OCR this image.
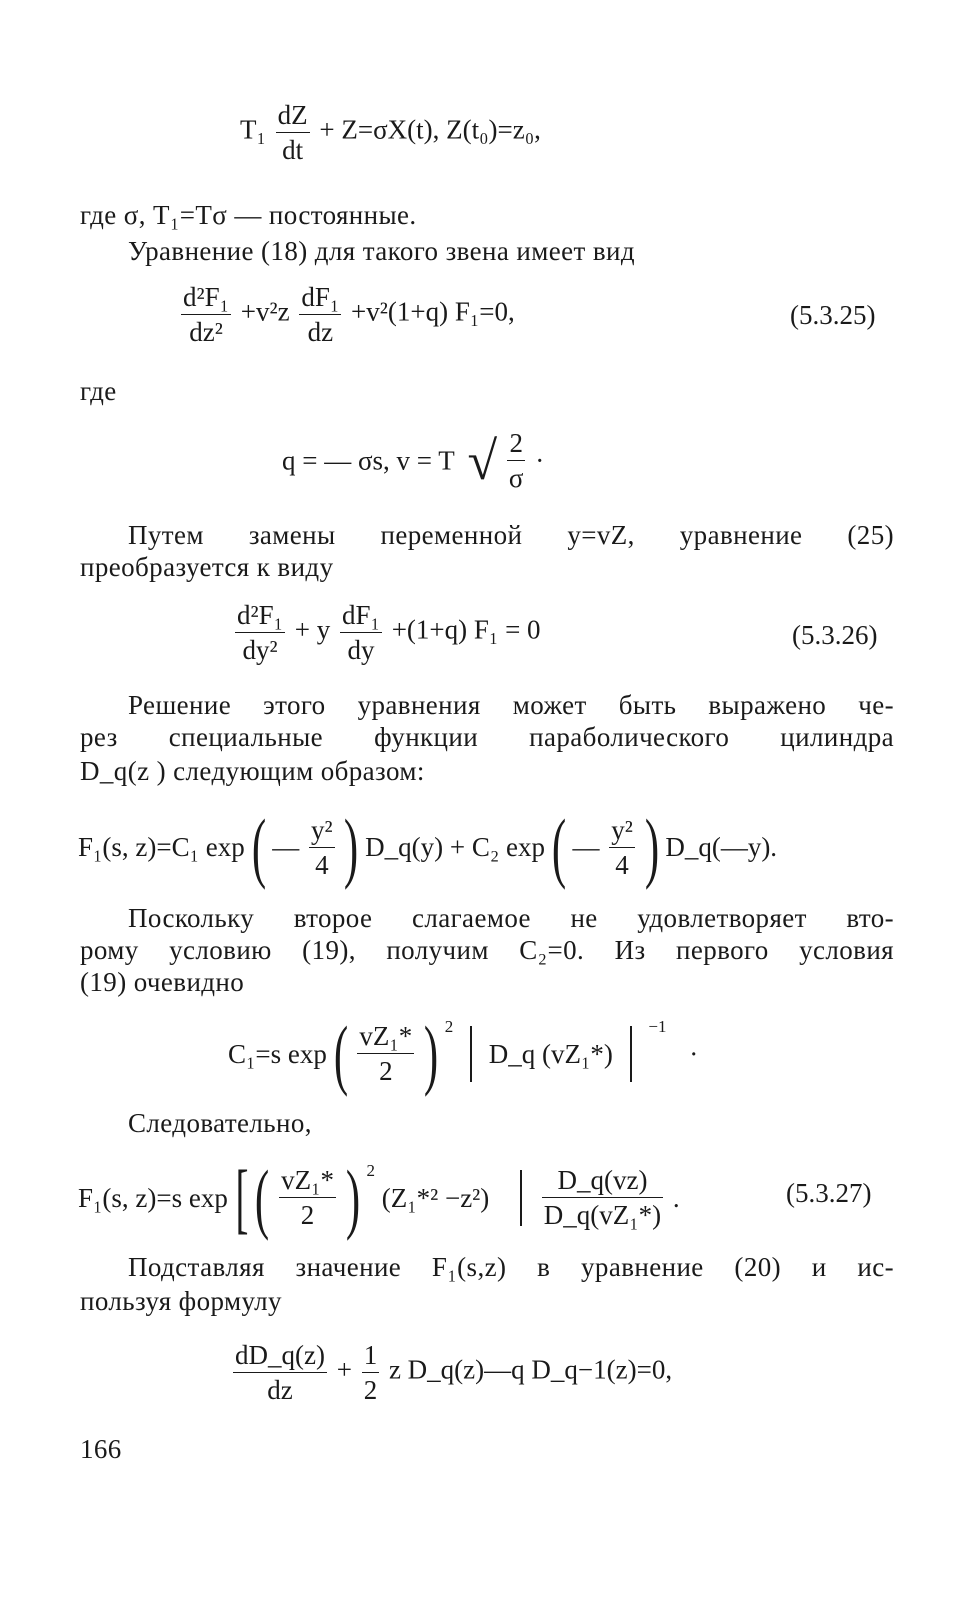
$T_1 \frac{dZ}{dt} + Z=\sigma X(t)$, Z(t₀)=z₀,
где σ, T₁=Tσ — постоянные.
Уравнение (18) для такого звена имеет вид
$\frac{\text{d²F₁}}{\text{dz²}} +v^2z \frac{\text{dF₁}}{dz} +v^2(1+q)$ F₁=0,	(5.3.25)
где
q = — σs, v = T √ $\frac{2}{\sigma}$ ·
Путем замены переменной y=vZ, уравнение (25)
преобразуется к виду
$\frac{\text{d²F₁}}{\text{dy²}} + y \frac{\text{dF₁}}{dy} +(1+q) F_1 = 0$	(5.3.26)
Решение этого уравнения может быть выражено че-
рез специальные функции параболического цилиндра
D_q(z ) следующим образом:
F₁(s, z)=C₁ exp ( — $\frac{\text{y²}}{4}$ ) D_q(y) + C₂ exp ( — $\frac{\text{y²}}{4}$ ) D_q(—y).
Поскольку второе слагаемое не удовлетворяет вто-
рому условию (19), получим C₂=0. Из первого условия
(19) очевидно
C₁=s exp ( $\frac{\text{vZ₁*}}{2}$ ) $^2$  D_q (vZ₁*)  $^{-1}$ ·
Следовательно,
F₁(s, z)=s exp [ ( $\frac{\text{vZ₁*}}{2}$ ) $^2$ $(Z_1*^2 -z^2) \frac{D\_q(vz)}{\text{D\_q(vZ₁*)}}$ .	(5.3.27)
Подставляя значение F₁(s,z) в уравнение (20) и ис-
пользуя формулу
$\frac{dD\_q(z)}{dz} + \frac{1}{2}$ z D_q(z)—q D_q−1(z)=0,
166
